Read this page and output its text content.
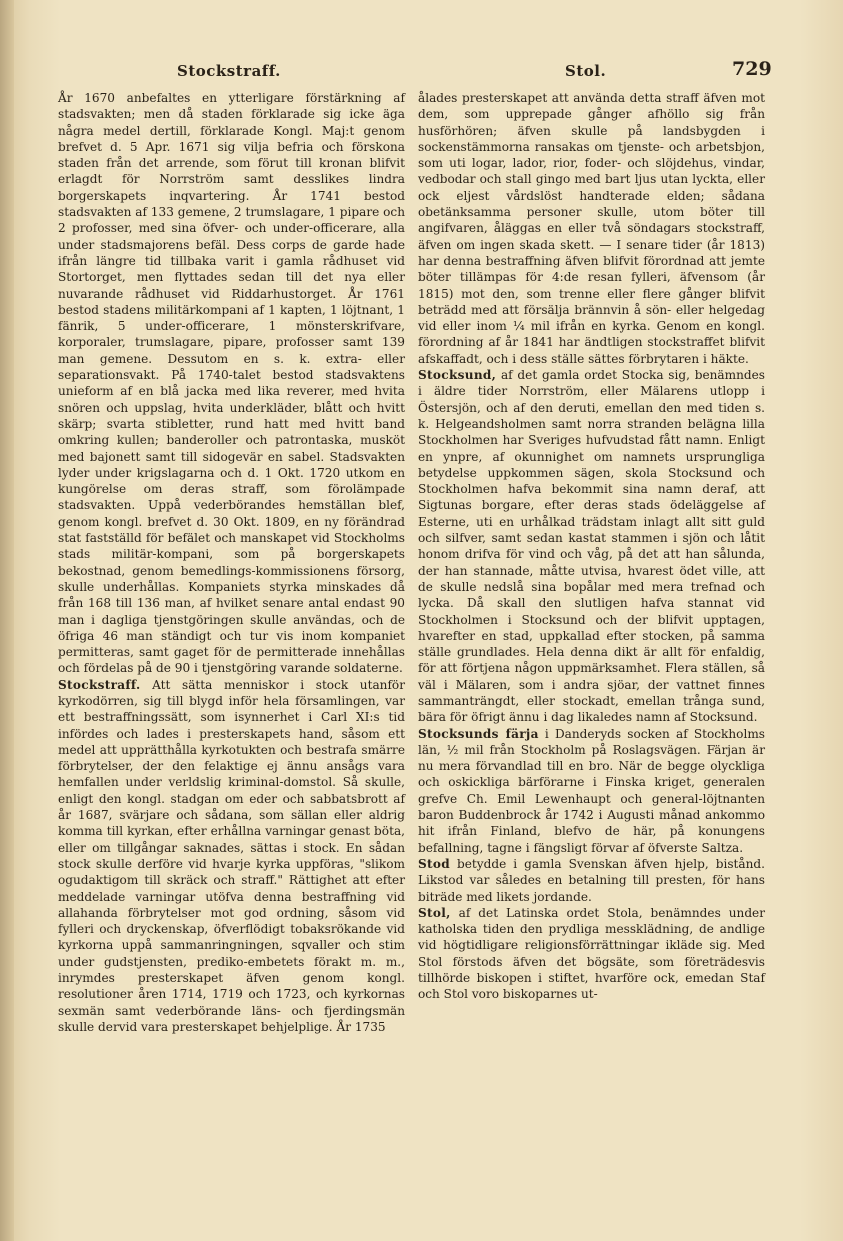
Stockstraff.	Stol.	729

År 1670 anbefaltes en ytterligare förstärkning af stadsvakten; men då staden förklarade sig icke äga några medel dertill, förklarade Kongl. Maj:t genom brefvet d. 5 Apr. 1671 sig vilja befria och förskona staden från det arrende, som förut till kronan blifvit erlagdt för Norrström samt desslikes lindra borgerskapets inqvartering. År 1741 bestod stadsvakten af 133 gemene, 2 trumslagare, 1 pipare och 2 profosser, med sina öfver- och under-officerare, alla under stadsmajorens befäl. Dess corps de garde hade ifrån längre tid tillbaka varit i gamla rådhuset vid Stortorget, men flyttades sedan till det nya eller nuvarande rådhuset vid Riddarhustorget. År 1761 bestod stadens militärkompani af 1 kapten, 1 löjtnant, 1 fänrik, 5 under-officerare, 1 mönsterskrifvare, korporaler, trumslagare, pipare, profosser samt 139 man gemene. Dessutom en s. k. extra- eller separationsvakt. På 1740-talet bestod stadsvaktens unieform af en blå jacka med lika reverer, med hvita snören och uppslag, hvita underkläder, blått och hvitt skärp; svarta stibletter, rund hatt med hvitt band omkring kullen; banderoller och patrontaska, musköt med bajonett samt till sidogevär en sabel. Stadsvakten lyder under krigslagarna och d. 1 Okt. 1720 utkom en kungörelse om deras straff, som förolämpade stadsvakten. Uppå vederbörandes hemställan blef, genom kongl. brefvet d. 30 Okt. 1809, en ny förändrad stat fastställd för befälet och manskapet vid Stockholms stads militär-kompani, som på borgerskapets bekostnad, genom bemedlings-kommissionens försorg, skulle underhållas. Kompaniets styrka minskades då från 168 till 136 man, af hvilket senare antal endast 90 man i dagliga tjenstgöringen skulle användas, och de öfriga 46 man ständigt och tur vis inom kompaniet permitteras, samt gaget för de permitterade innehållas och fördelas på de 90 i tjenstgöring varande soldaterne.

Stockstraff. Att sätta menniskor i stock utanför kyrkodörren, sig till blygd inför hela församlingen, var ett bestraffningssätt, som isynnerhet i Carl XI:s tid infördes och lades i presterskapets hand, såsom ett medel att upprätthålla kyrkotukten och bestrafa smärre förbrytelser, der den felaktige ej ännu ansågs vara hemfallen under verldslig kriminal-domstol. Så skulle, enligt den kongl. stadgan om eder och sabbatsbrott af år 1687, svärjare och sådana, som sällan eller aldrig komma till kyrkan, efter erhållna varningar genast böta, eller om tillgångar saknades, sättas i stock. En sådan stock skulle derföre vid hvarje kyrka uppföras, "slikom ogudaktigom till skräck och straff." Rättighet att efter meddelade varningar utöfva denna bestraffning vid allahanda förbrytelser mot god ordning, såsom vid fylleri och dryckenskap, öfverflödigt tobaksrökande vid kyrkorna uppå sammanringningen, sqvaller och stim under gudstjensten, prediko-embetets förakt m. m., inrymdes presterskapet äfven genom kongl. resolutioner åren 1714, 1719 och 1723, och kyrkornas sexmän samt vederbörande läns- och fjerdingsmän skulle dervid vara presterskapet behjelplige. År 1735

ålades presterskapet att använda detta straff äfven mot dem, som upprepade gånger afhöllo sig från husförhören; äfven skulle på landsbygden i sockenstämmorna ransakas om tjenste- och arbetsbjon, som uti logar, lador, rior, foder- och slöjdehus, vindar, vedbodar och stall gingo med bart ljus utan lyckta, eller ock eljest vårdslöst handterade elden; sådana obetänksamma personer skulle, utom böter till angifvaren, åläggas en eller två söndagars stockstraff, äfven om ingen skada skett. — I senare tider (år 1813) har denna bestraffning äfven blifvit förordnad att jemte böter tillämpas för 4:de resan fylleri, äfvensom (år 1815) mot den, som trenne eller flere gånger blifvit beträdd med att försälja brännvin å sön- eller helgedag vid eller inom ¼ mil ifrån en kyrka. Genom en kongl. förordning af år 1841 har ändtligen stockstraffet blifvit afskaffadt, och i dess ställe sättes förbrytaren i häkte.

Stocksund, af det gamla ordet Stocka sig, benämndes i äldre tider Norrström, eller Mälarens utlopp i Östersjön, och af den deruti, emellan den med tiden s. k. Helgeandsholmen samt norra stranden belägna lilla Stockholmen har Sveriges hufvudstad fått namn. Enligt en ynpre, af okunnighet om namnets ursprungliga betydelse uppkommen sägen, skola Stocksund och Stockholmen hafva bekommit sina namn deraf, att Sigtunas borgare, efter deras stads ödeläggelse af Esterne, uti en urhålkad trädstam inlagt allt sitt guld och silfver, samt sedan kastat stammen i sjön och låtit honom drifva för vind och våg, på det att han sålunda, der han stannade, måtte utvisa, hvarest ödet ville, att de skulle nedslå sina bopålar med mera trefnad och lycka. Då skall den slutligen hafva stannat vid Stockholmen i Stocksund och der blifvit upptagen, hvarefter en stad, uppkallad efter stocken, på samma ställe grundlades. Hela denna dikt är allt för enfaldig, för att förtjena någon uppmärksamhet. Flera ställen, så väl i Mälaren, som i andra sjöar, der vattnet finnes sammanträngdt, eller stockadt, emellan trånga sund, bära för öfrigt ännu i dag likaledes namn af Stocksund.

Stocksunds färja i Danderyds socken af Stockholms län, ½ mil från Stockholm på Roslagsvägen. Färjan är nu mera förvandlad till en bro. När de begge olyckliga och oskickliga bärförarne i Finska kriget, generalen grefve Ch. Emil Lewenhaupt och general-löjtnanten baron Buddenbrock år 1742 i Augusti månad ankommo hit ifrån Finland, blefvo de här, på konungens befallning, tagne i fängsligt förvar af öfverste Saltza.

Stod betydde i gamla Svenskan äfven hjelp, bistånd. Likstod var således en betalning till presten, för hans biträde med likets jordande.

Stol, af det Latinska ordet Stola, benämndes under katholska tiden den prydliga messklädning, de andlige vid högtidligare religionsförrättningar ikläde sig. Med Stol förstods äfven det bögsäte, som företrädesvis tillhörde biskopen i stiftet, hvarföre ock, emedan Staf och Stol voro biskoparnes ut-
